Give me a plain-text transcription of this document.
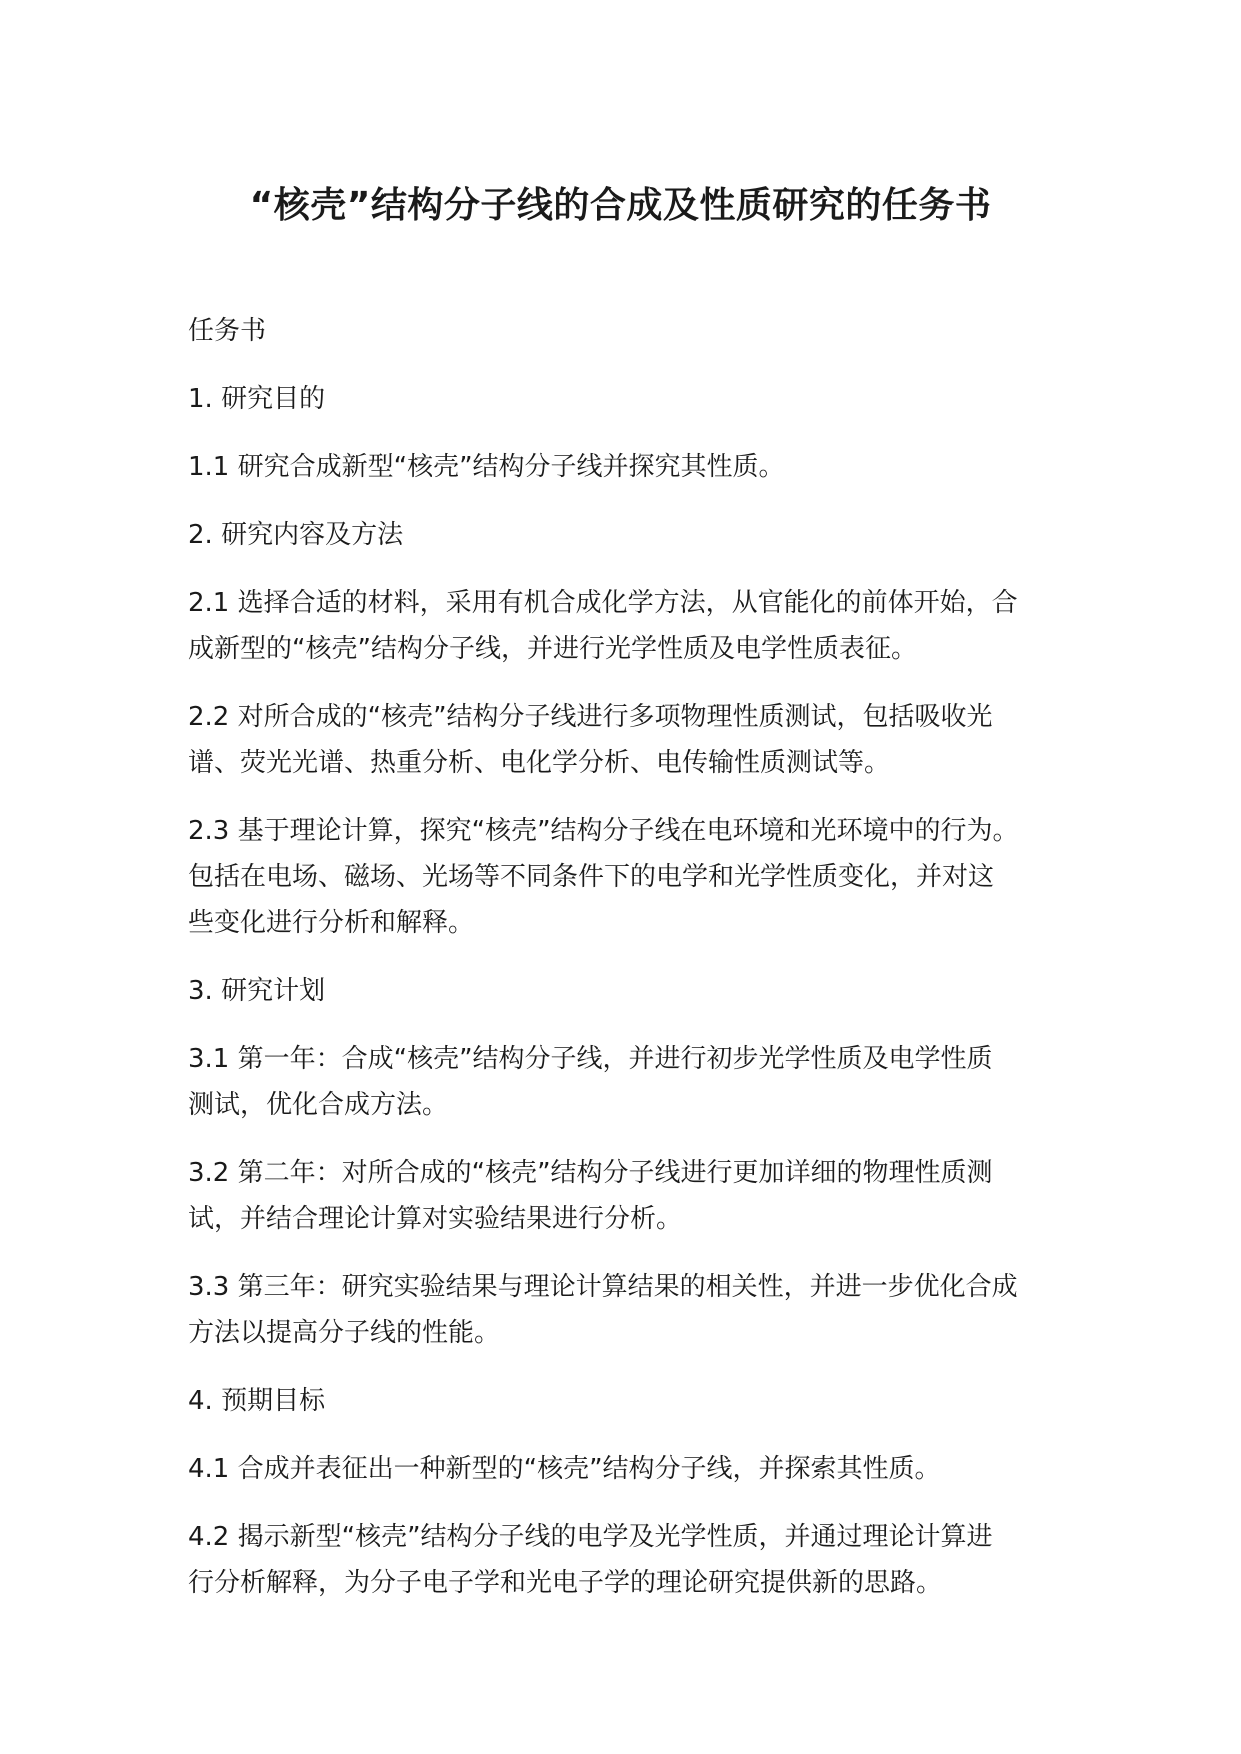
“核壳”结构分子线的合成及性质研究的任务书

任务书

1. 研究目的

1.1 研究合成新型“核壳”结构分子线并探究其性质。

2. 研究内容及方法

2.1 选择合适的材料，采用有机合成化学方法，从官能化的前体开始，合
成新型的“核壳”结构分子线，并进行光学性质及电学性质表征。

2.2 对所合成的“核壳”结构分子线进行多项物理性质测试，包括吸收光
谱、荧光光谱、热重分析、电化学分析、电传输性质测试等。

2.3 基于理论计算，探究“核壳”结构分子线在电环境和光环境中的行为。
包括在电场、磁场、光场等不同条件下的电学和光学性质变化，并对这
些变化进行分析和解释。

3. 研究计划

3.1 第一年：合成“核壳”结构分子线，并进行初步光学性质及电学性质
测试，优化合成方法。

3.2 第二年：对所合成的“核壳”结构分子线进行更加详细的物理性质测
试，并结合理论计算对实验结果进行分析。

3.3 第三年：研究实验结果与理论计算结果的相关性，并进一步优化合成
方法以提高分子线的性能。

4. 预期目标

4.1 合成并表征出一种新型的“核壳”结构分子线，并探索其性质。

4.2 揭示新型“核壳”结构分子线的电学及光学性质，并通过理论计算进
行分析解释，为分子电子学和光电子学的理论研究提供新的思路。
